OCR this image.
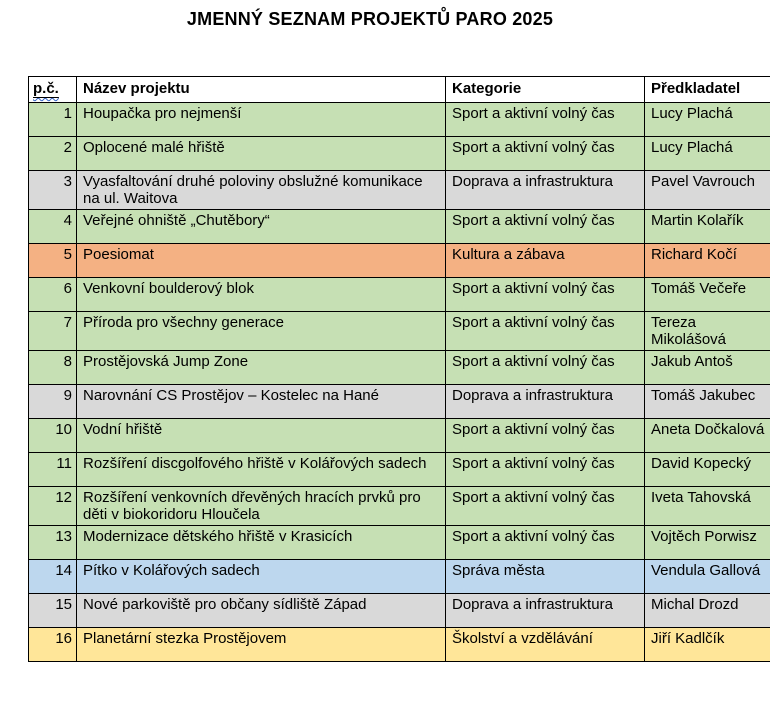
JMENNÝ SEZNAM PROJEKTŮ PARO 2025
p.č.	Název projektu	Kategorie	Předkladatel
1	Houpačka pro nejmenší	Sport a aktivní volný čas	Lucy Plachá
2	Oplocené malé hřiště	Sport a aktivní volný čas	Lucy Plachá
3	Vyasfaltování druhé poloviny obslužné komunikace na ul. Waitova	Doprava a infrastruktura	Pavel Vavrouch
4	Veřejné ohniště „Chutěbory“	Sport a aktivní volný čas	Martin Kolařík
5	Poesiomat	Kultura a zábava	Richard Kočí
6	Venkovní boulderový blok	Sport a aktivní volný čas	Tomáš Večeře
7	Příroda pro všechny generace	Sport a aktivní volný čas	Tereza Mikolášová
8	Prostějovská Jump Zone	Sport a aktivní volný čas	Jakub Antoš
9	Narovnání CS Prostějov – Kostelec na Hané	Doprava a infrastruktura	Tomáš Jakubec
10	Vodní hřiště	Sport a aktivní volný čas	Aneta Dočkalová
11	Rozšíření discgolfového hřiště v Kolářových sadech	Sport a aktivní volný čas	David Kopecký
12	Rozšíření venkovních dřevěných hracích prvků pro děti v biokoridoru Hloučela	Sport a aktivní volný čas	Iveta Tahovská
13	Modernizace dětského hřiště v Krasicích	Sport a aktivní volný čas	Vojtěch Porwisz
14	Pítko v Kolářových sadech	Správa města	Vendula Gallová
15	Nové parkoviště pro občany sídliště Západ	Doprava a infrastruktura	Michal Drozd
16	Planetární stezka Prostějovem	Školství a vzdělávání	Jiří Kadlčík
